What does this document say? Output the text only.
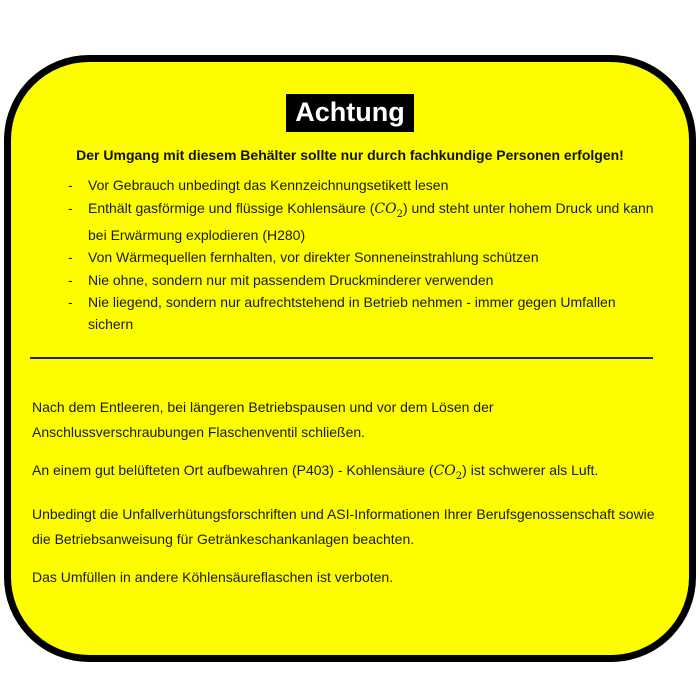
Achtung
Der Umgang mit diesem Behälter sollte nur durch fachkundige Personen erfolgen!
-	Vor Gebrauch unbedingt das Kennzeichnungsetikett lesen
-	Enthält gasförmige und flüssige Kohlensäure $(CO_2)$ und steht unter hohem Druck und kann bei Erwärmung explodieren (H280)
-	Von Wärmequellen fernhalten, vor direkter Sonneneinstrahlung schützen
-	Nie ohne, sondern nur mit passendem Druckminderer verwenden
-	Nie liegend, sondern nur aufrechtstehend in Betrieb nehmen - immer gegen Umfallen sichern

Nach dem Entleeren, bei längeren Betriebspausen und vor dem Lösen der Anschlussverschraubungen Flaschenventil schließen.

An einem gut belüfteten Ort aufbewahren (P403) - Kohlensäure $(CO_2)$ ist schwerer als Luft.

Unbedingt die Unfallverhütungsforschriften und ASI-Informationen Ihrer Berufsgenossenschaft sowie die Betriebsanweisung für Getränkeschankanlagen beachten.

Das Umfüllen in andere Köhlensäureflaschen ist verboten.
